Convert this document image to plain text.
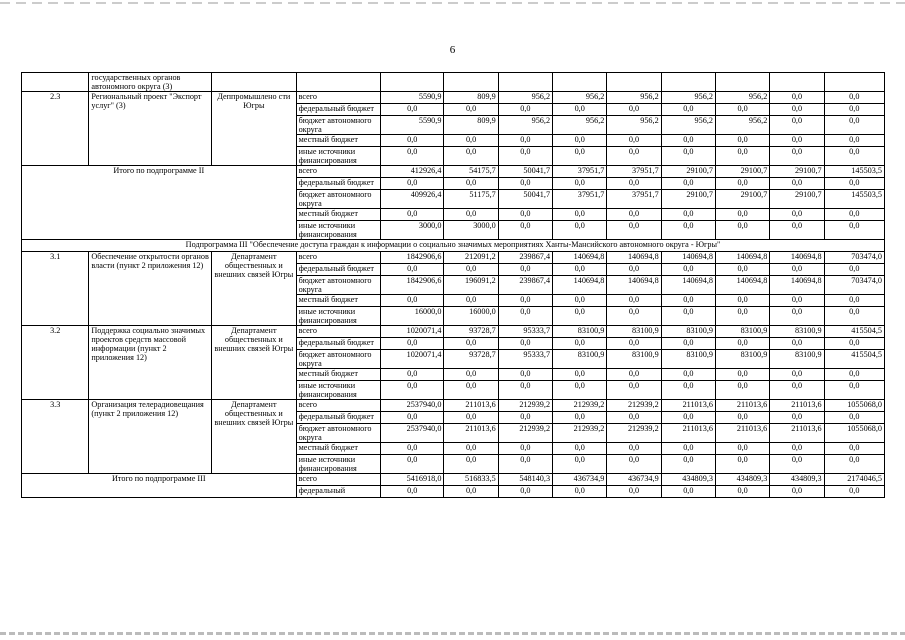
6
	государственных органов автономного округа (3)											
2.3	Региональный проект "Экспорт услуг" (3)	Деппромышлено сти Югры	всего	5590,9	809,9	956,2	956,2	956,2	956,2	956,2	0,0	0,0
			федеральный бюджет	0,0	0,0	0,0	0,0	0,0	0,0	0,0	0,0	0,0
			бюджет автономного округа	5590,9	809,9	956,2	956,2	956,2	956,2	956,2	0,0	0,0
			местный бюджет	0,0	0,0	0,0	0,0	0,0	0,0	0,0	0,0	0,0
			иные источники финансирования	0,0	0,0	0,0	0,0	0,0	0,0	0,0	0,0	0,0
Итого по подпрограмме II			всего	412926,4	54175,7	50041,7	37951,7	37951,7	29100,7	29100,7	29100,7	145503,5
			федеральный бюджет	0,0	0,0	0,0	0,0	0,0	0,0	0,0	0,0	0,0
			бюджет автономного округа	409926,4	51175,7	50041,7	37951,7	37951,7	29100,7	29100,7	29100,7	145503,5
			местный бюджет	0,0	0,0	0,0	0,0	0,0	0,0	0,0	0,0	0,0
			иные источники финансирования	3000,0	3000,0	0,0	0,0	0,0	0,0	0,0	0,0	0,0
Подпрограмма III "Обеспечение доступа граждан к информации о социально значимых мероприятиях Ханты-Мансийского автономного округа - Югры"												
3.1	Обеспечение открытости органов власти (пункт 2 приложения 12)	Департамент общественных и внешних связей Югры	всего	1842906,6	212091,2	239867,4	140694,8	140694,8	140694,8	140694,8	140694,8	703474,0
			федеральный бюджет	0,0	0,0	0,0	0,0	0,0	0,0	0,0	0,0	0,0
			бюджет автономного округа	1842906,6	196091,2	239867,4	140694,8	140694,8	140694,8	140694,8	140694,8	703474,0
			местный бюджет	0,0	0,0	0,0	0,0	0,0	0,0	0,0	0,0	0,0
			иные источники финансирования	16000,0	16000,0	0,0	0,0	0,0	0,0	0,0	0,0	0,0
3.2	Поддержка социально значимых проектов средств массовой информации (пункт 2 приложения 12)	Департамент общественных и внешних связей Югры	всего	1020071,4	93728,7	95333,7	83100,9	83100,9	83100,9	83100,9	83100,9	415504,5
			федеральный бюджет	0,0	0,0	0,0	0,0	0,0	0,0	0,0	0,0	0,0
			бюджет автономного округа	1020071,4	93728,7	95333,7	83100,9	83100,9	83100,9	83100,9	83100,9	415504,5
			местный бюджет	0,0	0,0	0,0	0,0	0,0	0,0	0,0	0,0	0,0
			иные источники финансирования	0,0	0,0	0,0	0,0	0,0	0,0	0,0	0,0	0,0
3.3	Организация телерадиовещания (пункт 2 приложения 12)	Департамент общественных и внешних связей Югры	всего	2537940,0	211013,6	212939,2	212939,2	212939,2	211013,6	211013,6	211013,6	1055068,0
			федеральный бюджет	0,0	0,0	0,0	0,0	0,0	0,0	0,0	0,0	0,0
			бюджет автономного округа	2537940,0	211013,6	212939,2	212939,2	212939,2	211013,6	211013,6	211013,6	1055068,0
			местный бюджет	0,0	0,0	0,0	0,0	0,0	0,0	0,0	0,0	0,0
			иные источники финансирования	0,0	0,0	0,0	0,0	0,0	0,0	0,0	0,0	0,0
Итого по подпрограмме III			всего	5416918,0	516833,5	548140,3	436734,9	436734,9	434809,3	434809,3	434809,3	2174046,5
			федеральный	0,0	0,0	0,0	0,0	0,0	0,0	0,0	0,0	0,0
